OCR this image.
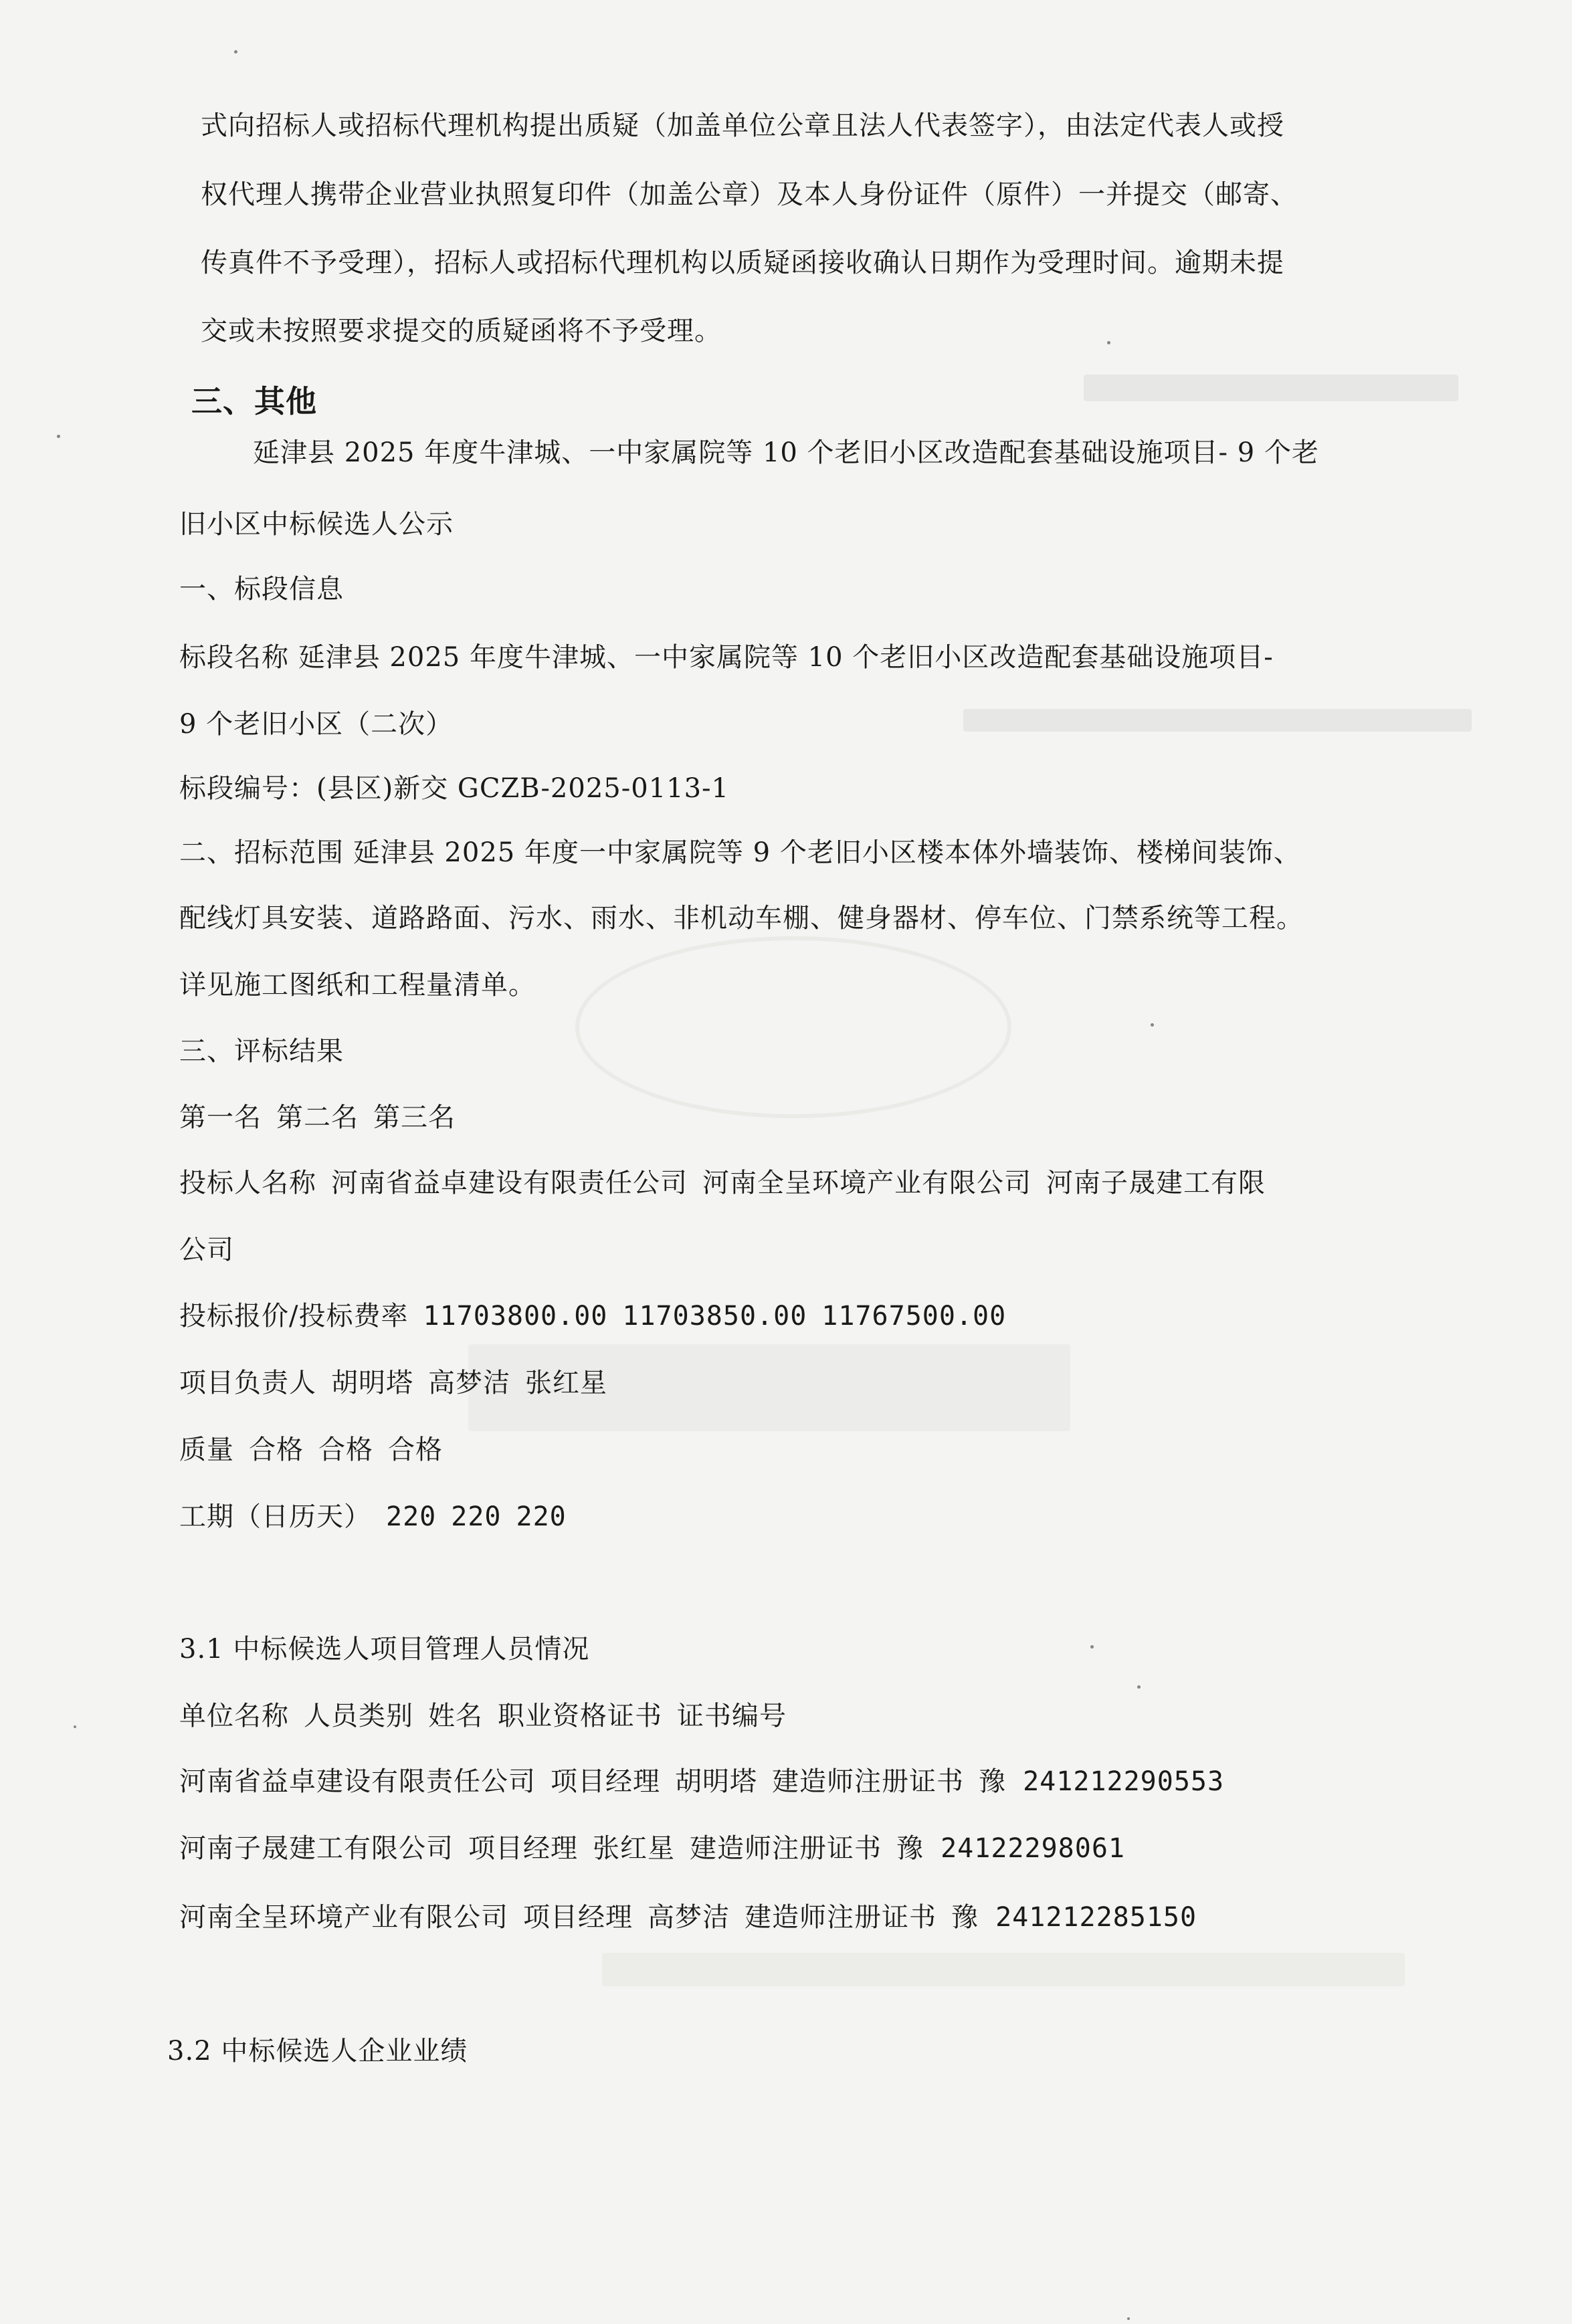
式向招标人或招标代理机构提出质疑（加盖单位公章且法人代表签字），由法定代表人或授
权代理人携带企业营业执照复印件（加盖公章）及本人身份证件（原件）一并提交（邮寄、
传真件不予受理），招标人或招标代理机构以质疑函接收确认日期作为受理时间。逾期未提
交或未按照要求提交的质疑函将不予受理。
三、其他
延津县 2025 年度牛津城、一中家属院等 10 个老旧小区改造配套基础设施项目- 9 个老
旧小区中标候选人公示
一、标段信息
标段名称 延津县 2025 年度牛津城、一中家属院等 10 个老旧小区改造配套基础设施项目-
9 个老旧小区（二次）
标段编号：(县区)新交 GCZB-2025-0113-1
二、招标范围 延津县 2025 年度一中家属院等 9 个老旧小区楼本体外墙装饰、楼梯间装饰、
配线灯具安装、道路路面、污水、雨水、非机动车棚、健身器材、停车位、门禁系统等工程。
详见施工图纸和工程量清单。
三、评标结果
第一名 第二名 第三名
投标人名称 河南省益卓建设有限责任公司 河南全呈环境产业有限公司 河南子晟建工有限
公司
投标报价/投标费率 11703800.00 11703850.00 11767500.00
项目负责人 胡明塔 高梦洁 张红星
质量 合格 合格 合格
工期（日历天） 220 220 220
3.1 中标候选人项目管理人员情况
单位名称 人员类别 姓名 职业资格证书 证书编号
河南省益卓建设有限责任公司 项目经理 胡明塔 建造师注册证书 豫 241212290553
河南子晟建工有限公司 项目经理 张红星 建造师注册证书 豫 24122298061
河南全呈环境产业有限公司 项目经理 高梦洁 建造师注册证书 豫 241212285150
3.2 中标候选人企业业绩
